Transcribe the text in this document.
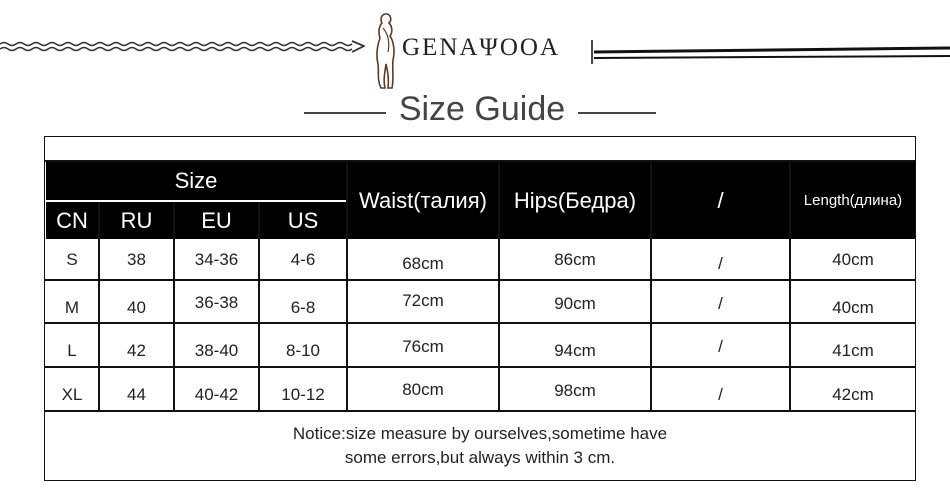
GENAΨOOA
Size Guide
Size
CN	RU	EU	US
Waist(талия)	Hips(Бедра)	/	Length(длина)
S	38	34-36	4-6	68cm	86cm	/	40cm
M	40	36-38	6-8	72cm	90cm	/	40cm
L	42	38-40	8-10	76cm	94cm	/	41cm
XL	44	40-42	10-12	80cm	98cm	/	42cm
Notice:size measure by ourselves,sometime have
some errors,but always within 3 cm.
